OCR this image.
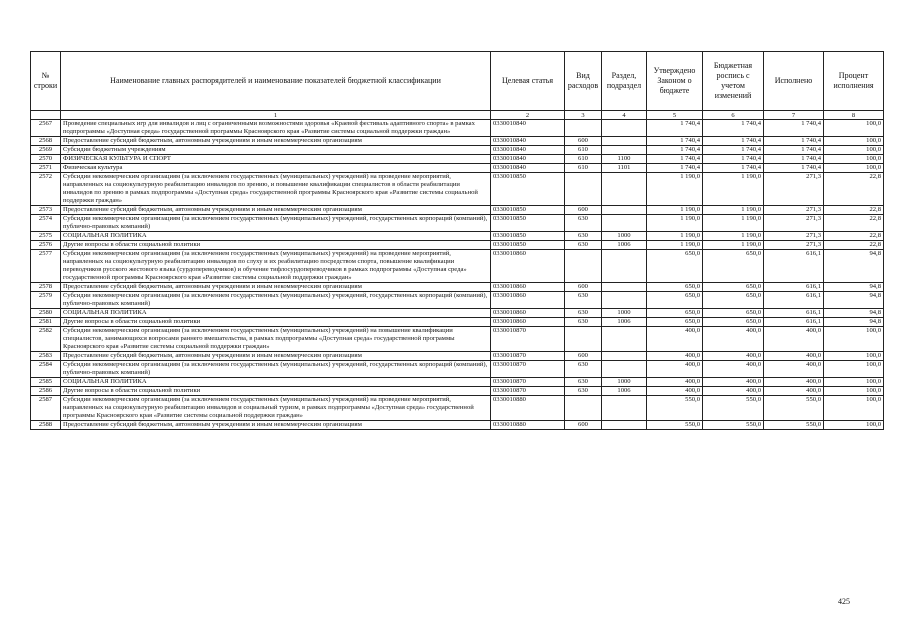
№ строки	Наименование главных распорядителей и наименование показателей бюджетной классификации	Целевая статья	Вид расходов	Раздел, подраздел	Утверждено Законом о бюджете	Бюджетная роспись с учетом изменений	Исполнено	Процент исполнения
	1	2	3	4	5	6	7	8
2567	Проведение специальных игр для инвалидов и лиц с ограниченными возможностями здоровья «Краевой фестиваль адаптивного спорта» в рамках подпрограммы «Доступная среда» государственной программы Красноярского края «Развитие системы социальной поддержки граждан»	0330010840			1 740,4	1 740,4	1 740,4	100,0
2568	Предоставление субсидий бюджетным, автономным учреждениям и иным некоммерческим организациям	0330010840	600		1 740,4	1 740,4	1 740,4	100,0
2569	Субсидии бюджетным учреждениям	0330010840	610		1 740,4	1 740,4	1 740,4	100,0
2570	ФИЗИЧЕСКАЯ КУЛЬТУРА И СПОРТ	0330010840	610	1100	1 740,4	1 740,4	1 740,4	100,0
2571	Физическая культура	0330010840	610	1101	1 740,4	1 740,4	1 740,4	100,0
2572	Субсидии некоммерческим организациям (за исключением государственных (муниципальных) учреждений) на проведение мероприятий, направленных на социокультурную реабилитацию инвалидов по зрению, и повышение квалификации специалистов в области реабилитации инвалидов по зрению в рамках подпрограммы «Доступная среда» государственной программы Красноярского края «Развитие системы социальной поддержки граждан»	0330010850			1 190,0	1 190,0	271,3	22,8
2573	Предоставление субсидий бюджетным, автономным учреждениям и иным некоммерческим организациям	0330010850	600		1 190,0	1 190,0	271,3	22,8
2574	Субсидии некоммерческим организациям (за исключением государственных (муниципальных) учреждений, государственных корпораций (компаний), публично-правовых компаний)	0330010850	630		1 190,0	1 190,0	271,3	22,8
2575	СОЦИАЛЬНАЯ ПОЛИТИКА	0330010850	630	1000	1 190,0	1 190,0	271,3	22,8
2576	Другие вопросы в области социальной политики	0330010850	630	1006	1 190,0	1 190,0	271,3	22,8
2577	Субсидии некоммерческим организациям (за исключением государственных (муниципальных) учреждений) на проведение мероприятий, направленных на социокультурную реабилитацию инвалидов по слуху и их реабилитацию посредством спорта, повышение квалификации переводчиков русского жестового языка (сурдопереводчиков) и обучение тифлосурдопереводчиков в рамках подпрограммы «Доступная среда» государственной программы Красноярского края «Развитие системы социальной поддержки граждан»	0330010860			650,0	650,0	616,1	94,8
2578	Предоставление субсидий бюджетным, автономным учреждениям и иным некоммерческим организациям	0330010860	600		650,0	650,0	616,1	94,8
2579	Субсидии некоммерческим организациям (за исключением государственных (муниципальных) учреждений, государственных корпораций (компаний), публично-правовых компаний)	0330010860	630		650,0	650,0	616,1	94,8
2580	СОЦИАЛЬНАЯ ПОЛИТИКА	0330010860	630	1000	650,0	650,0	616,1	94,8
2581	Другие вопросы в области социальной политики	0330010860	630	1006	650,0	650,0	616,1	94,8
2582	Субсидии некоммерческим организациям (за исключением государственных (муниципальных) учреждений) на повышение квалификации специалистов, занимающихся вопросами раннего вмешательства, в рамках подпрограммы «Доступная среда» государственной программы Красноярского края «Развитие системы социальной поддержки граждан»	0330010870			400,0	400,0	400,0	100,0
2583	Предоставление субсидий бюджетным, автономным учреждениям и иным некоммерческим организациям	0330010870	600		400,0	400,0	400,0	100,0
2584	Субсидии некоммерческим организациям (за исключением государственных (муниципальных) учреждений, государственных корпораций (компаний), публично-правовых компаний)	0330010870	630		400,0	400,0	400,0	100,0
2585	СОЦИАЛЬНАЯ ПОЛИТИКА	0330010870	630	1000	400,0	400,0	400,0	100,0
2586	Другие вопросы в области социальной политики	0330010870	630	1006	400,0	400,0	400,0	100,0
2587	Субсидии некоммерческим организациям (за исключением государственных (муниципальных) учреждений) на проведение мероприятий, направленных на социокультурную реабилитацию инвалидов и социальный туризм, в рамках подпрограммы «Доступная среда» государственной программы Красноярского края «Развитие системы социальной поддержки граждан»	0330010880			550,0	550,0	550,0	100,0
2588	Предоставление субсидий бюджетным, автономным учреждениям и иным некоммерческим организациям	0330010880	600		550,0	550,0	550,0	100,0
425
